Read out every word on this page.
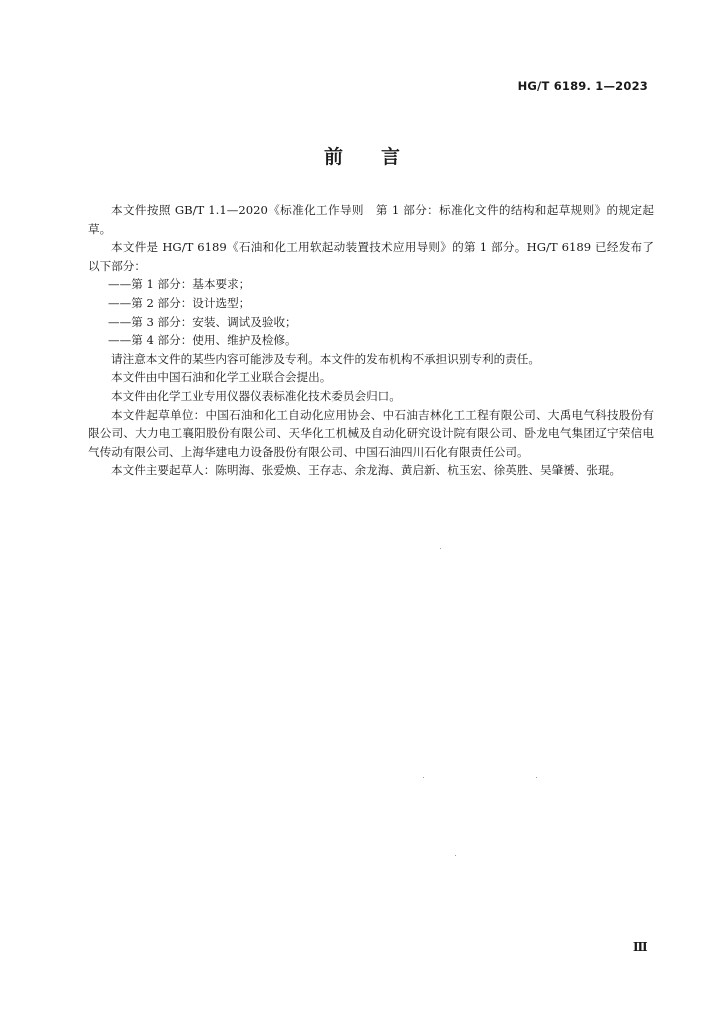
HG/T 6189. 1—2023
前 言

本文件按照 GB/T 1.1—2020《标准化工作导则　第 1 部分：标准化文件的结构和起草规则》的规定起草。

本文件是 HG/T 6189《石油和化工用软起动装置技术应用导则》的第 1 部分。HG/T 6189 已经发布了以下部分：

——第 1 部分：基本要求；

——第 2 部分：设计选型；

——第 3 部分：安装、调试及验收；

——第 4 部分：使用、维护及检修。

请注意本文件的某些内容可能涉及专利。本文件的发布机构不承担识别专利的责任。

本文件由中国石油和化学工业联合会提出。

本文件由化学工业专用仪器仪表标准化技术委员会归口。

本文件起草单位：中国石油和化工自动化应用协会、中石油吉林化工工程有限公司、大禹电气科技股份有限公司、大力电工襄阳股份有限公司、天华化工机械及自动化研究设计院有限公司、卧龙电气集团辽宁荣信电气传动有限公司、上海华建电力设备股份有限公司、中国石油四川石化有限责任公司。

本文件主要起草人：陈明海、张爱焕、王存志、余龙海、黄启新、杭玉宏、徐英胜、吴肇赟、张琨。

Ⅲ
